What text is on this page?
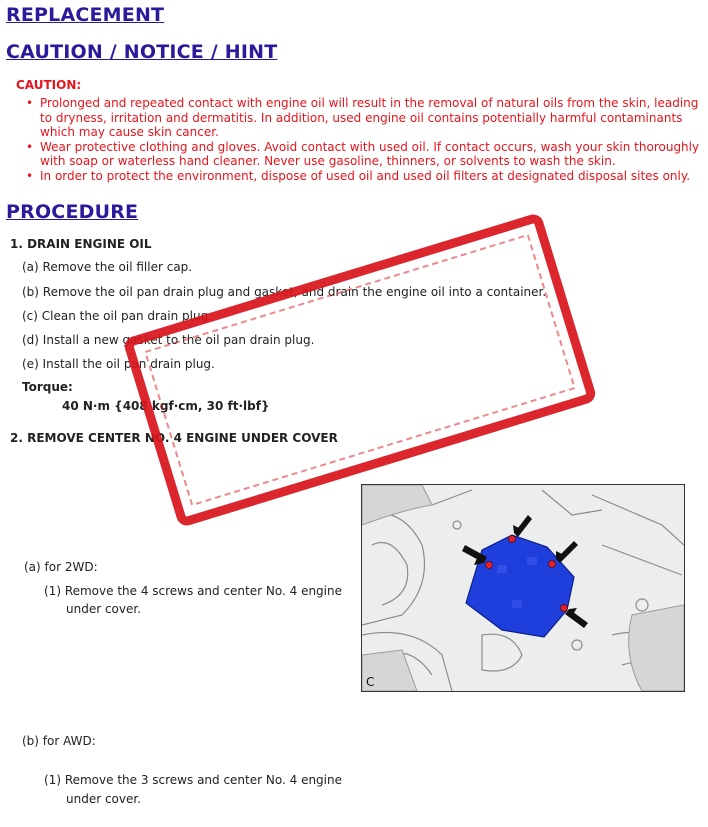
REPLACEMENT
CAUTION / NOTICE / HINT
CAUTION:
• Prolonged and repeated contact with engine oil will result in the removal of natural oils from the skin, leading to dryness, irritation and dermatitis. In addition, used engine oil contains potentially harmful contaminants which may cause skin cancer.
• Wear protective clothing and gloves. Avoid contact with used oil. If contact occurs, wash your skin thoroughly with soap or waterless hand cleaner. Never use gasoline, thinners, or solvents to wash the skin.
• In order to protect the environment, dispose of used oil and used oil filters at designated disposal sites only.
PROCEDURE
1. DRAIN ENGINE OIL
(a) Remove the oil filler cap.
(b) Remove the oil pan drain plug and gasket, and drain the engine oil into a container.
(c) Clean the oil pan drain plug.
(d) Install a new gasket to the oil pan drain plug.
(e) Install the oil pan drain plug.
Torque:
40 N·m {408 kgf·cm, 30 ft·lbf}
2. REMOVE CENTER NO. 4 ENGINE UNDER COVER
(a) for 2WD:
(1) Remove the 4 screws and center No. 4 engine
under cover.
(b) for AWD:
(1) Remove the 3 screws and center No. 4 engine
under cover.
C
